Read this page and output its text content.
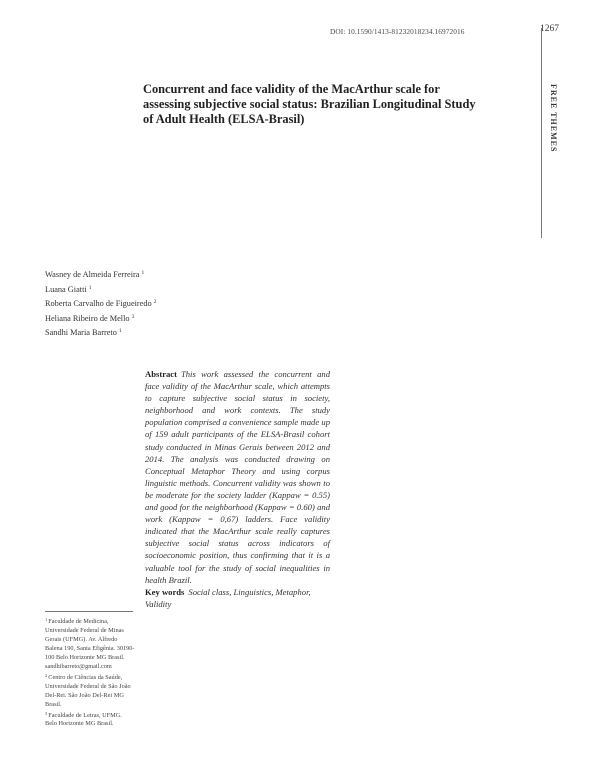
DOI: 10.1590/1413-81232018234.16972016	1267
FREE THEMES
Concurrent and face validity of the MacArthur scale for assessing subjective social status: Brazilian Longitudinal Study of Adult Health (ELSA-Brasil)
Wasney de Almeida Ferreira $^1$
Luana Giatti $^1$
Roberta Carvalho de Figueiredo $^2$
Heliana Ribeiro de Mello $^3$
Sandhi Maria Barreto $^1$

Abstract This work assessed the concurrent and face validity of the MacArthur scale, which attempts to capture subjective social status in society, neighborhood and work contexts. The study population comprised a convenience sample made up of 159 adult participants of the ELSA-Brasil cohort study conducted in Minas Gerais between 2012 and 2014. The analysis was conducted drawing on Conceptual Metaphor Theory and using corpus linguistic methods. Concurrent validity was shown to be moderate for the society ladder (Kappaw = 0.55) and good for the neighborhood (Kappaw = 0.60) and work (Kappaw = 0,67) ladders. Face validity indicated that the MacArthur scale really captures subjective social status across indicators of socioeconomic position, thus confirming that it is a valuable tool for the study of social inequalities in health Brazil.

Key words Social class, Linguistics, Metaphor, Validity

$^1$Faculdade de Medicina, Universidade Federal de Minas Gerais (UFMG). Av. Alfredo Balena 190, Santa Efigênia. 30190-100 Belo Horizonte MG Brasil. sandhibarreto@gmail.com
$^2$Centro de Ciências da Saúde, Universidade Federal de São João Del-Rei. São João Del-Rei MG Brasil.
$^3$Faculdade de Letras, UFMG. Belo Horizonte MG Brasil.
